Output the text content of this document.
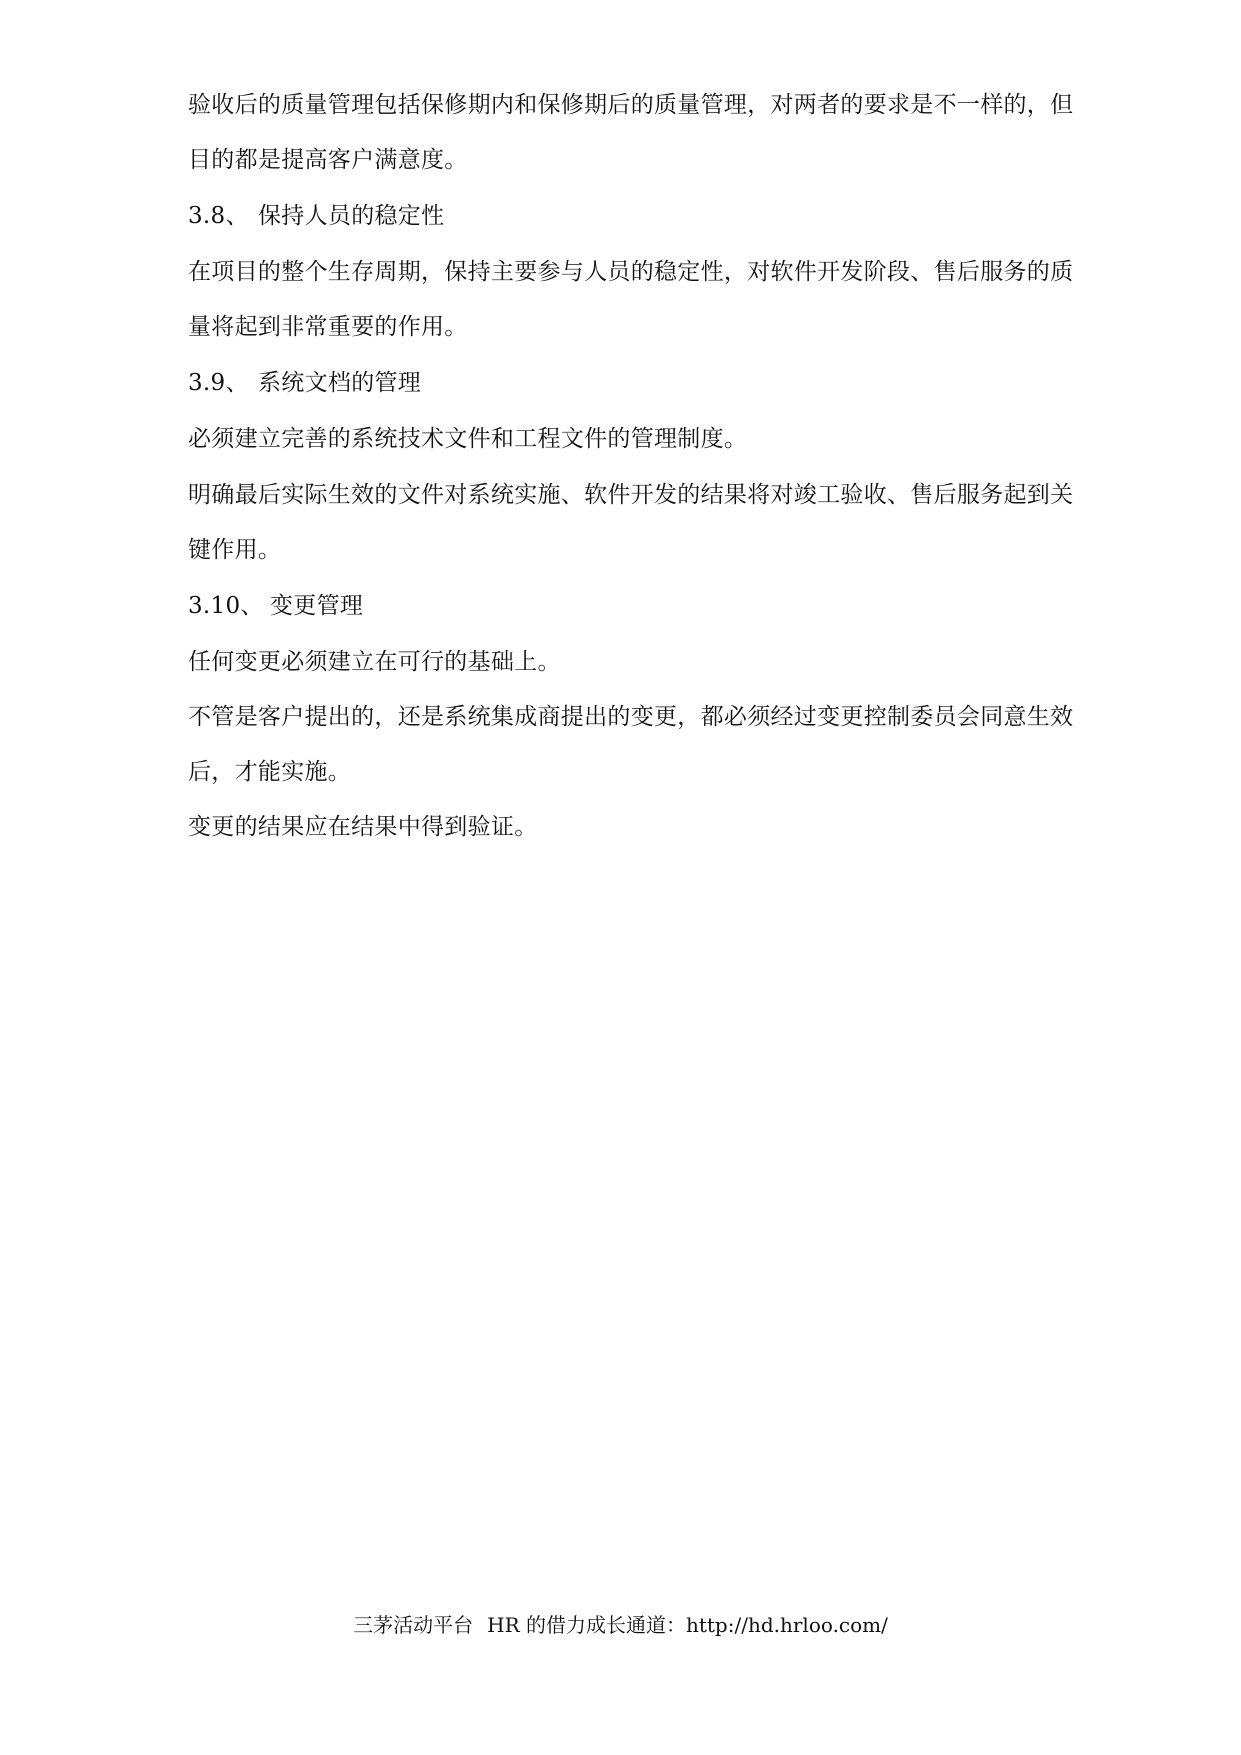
验收后的质量管理包括保修期内和保修期后的质量管理，对两者的要求是不一样的，但
目的都是提高客户满意度。
3.8、 保持人员的稳定性
在项目的整个生存周期，保持主要参与人员的稳定性，对软件开发阶段、售后服务的质
量将起到非常重要的作用。
3.9、 系统文档的管理
必须建立完善的系统技术文件和工程文件的管理制度。
明确最后实际生效的文件对系统实施、软件开发的结果将对竣工验收、售后服务起到关
键作用。
3.10、 变更管理
任何变更必须建立在可行的基础上。
不管是客户提出的，还是系统集成商提出的变更，都必须经过变更控制委员会同意生效
后，才能实施。
变更的结果应在结果中得到验证。
三茅活动平台 HR 的借力成长通道：http://hd.hrloo.com/
